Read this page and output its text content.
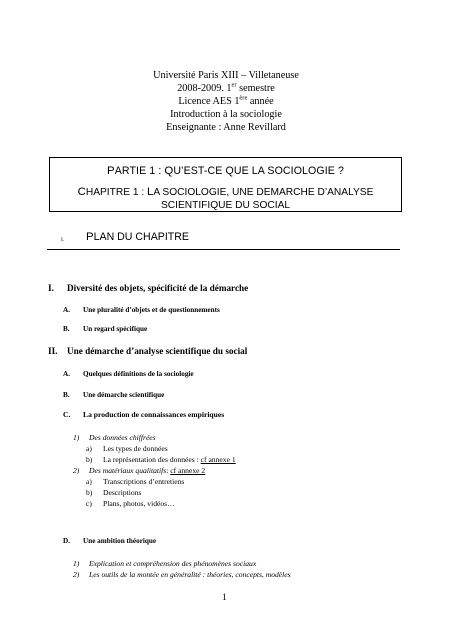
Université Paris XIII – Villetaneuse
2008-2009. 1er semestre
Licence AES 1ère année
Introduction à la sociologie
Enseignante : Anne Revillard
PARTIE 1 : QU’EST-CE QUE LA SOCIOLOGIE ?
CHAPITRE 1 : LA SOCIOLOGIE, UNE DEMARCHE D’ANALYSE
SCIENTIFIQUE DU SOCIAL
I. PLAN DU CHAPITRE
I. Diversité des objets, spécificité de la démarche
A. Une pluralité d’objets et de questionnements
B. Un regard spécifique
II. Une démarche d’analyse scientifique du social
A. Quelques définitions de la sociologie
B. Une démarche scientifique
C. La production de connaissances empiriques
1) Des données chiffrées
a) Les types de données
b) La représentation des données : cf annexe 1
2) Des matériaux qualitatifs: cf annexe 2
a) Transcriptions d’entretiens
b) Descriptions
c) Plans, photos, vidéos…
D. Une ambition théorique
1) Explication et compréhension des phénomènes sociaux
2) Les outils de la montée en généralité : théories, concepts, modèles
1
